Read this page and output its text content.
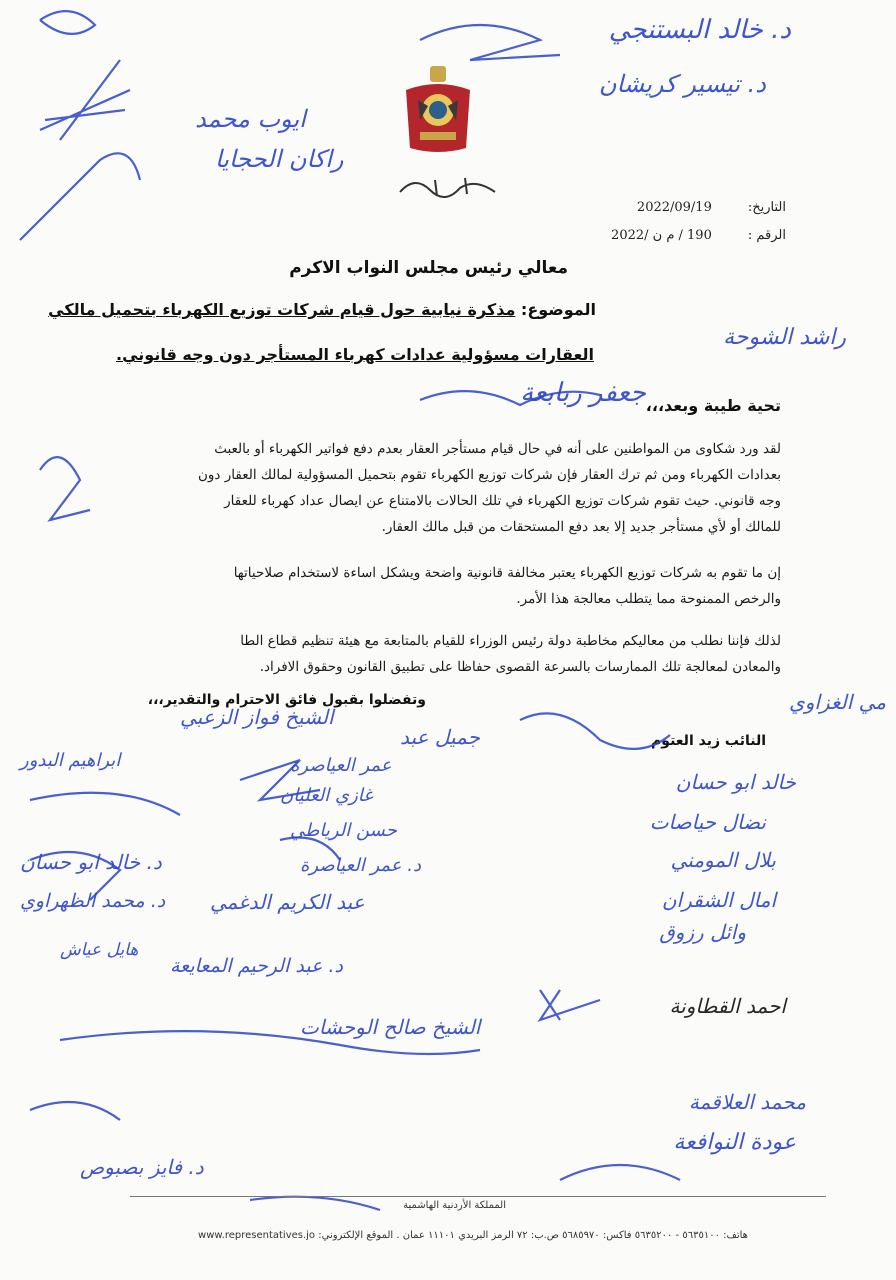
التاريخ: 2022/09/19
الرقم : 190 / م ن /2022
معالي رئيس مجلس النواب الاكرم
الموضوع: مذكرة نيابية حول قيام شركات توزيع الكهرباء بتحميل مالكي
العقارات مسؤولية عدادات كهرباء المستأجر دون وجه قانوني.
تحية طيبة وبعد،،،
لقد ورد شكاوى من المواطنين على أنه في حال قيام مستأجر العقار بعدم دفع فواتير الكهرباء أو بالعبث
بعدادات الكهرباء ومن ثم ترك العقار فإن شركات توزيع الكهرباء تقوم بتحميل المسؤولية لمالك العقار دون
وجه قانوني. حيث تقوم شركات توزيع الكهرباء في تلك الحالات بالامتناع عن ايصال عداد كهرباء للعقار
للمالك أو لأي مستأجر جديد إلا بعد دفع المستحقات من قبل مالك العقار.
إن ما تقوم به شركات توزيع الكهرباء يعتبر مخالفة قانونية واضحة ويشكل اساءة لاستخدام صلاحياتها
والرخص الممنوحة مما يتطلب معالجة هذا الأمر.
لذلك فإننا نطلب من معاليكم مخاطبة دولة رئيس الوزراء للقيام بالمتابعة مع هيئة تنظيم قطاع الطا
والمعادن لمعالجة تلك الممارسات بالسرعة القصوى حفاظا على تطبيق القانون وحقوق الافراد.
وتفضلوا بقبول فائق الاحترام والتقدير،،،
النائب زيد العتوم
د. خالد البستنجي
د. تيسير كريشان
ايوب محمد
راكان الحجايا
راشد الشوحة
جعفر ربابعة
مي الغزاوي
خالد ابو حسان
نضال حياصات
بلال المومني
امال الشقران
وائل رزوق
احمد القطاونة
محمد العلاقمة
عودة النوافعة
د. فايز بصبوص
د. عبد الرحيم المعايعة
د. محمد الظهراوي
د. خالد ابو حسان
هايل عياش
عبد الكريم الدغمي
عمر العياصرة
غازي العليان
حسن الرياطي
جميل عبد
الشيخ فواز الزعبي
الشيخ صالح الوحشات
د. عمر العياصرة
ابراهيم البدور
المملكة الأردنية الهاشمية
هاتف: ٥٦٣٥١٠٠ - ٥٦٣٥٢٠٠ فاكس: ٥٦٨٥٩٧٠ ص.ب: ٧٢ الرمز البريدي ١١١٠١ عمان . الموقع الإلكتروني: www.representatives.jo
